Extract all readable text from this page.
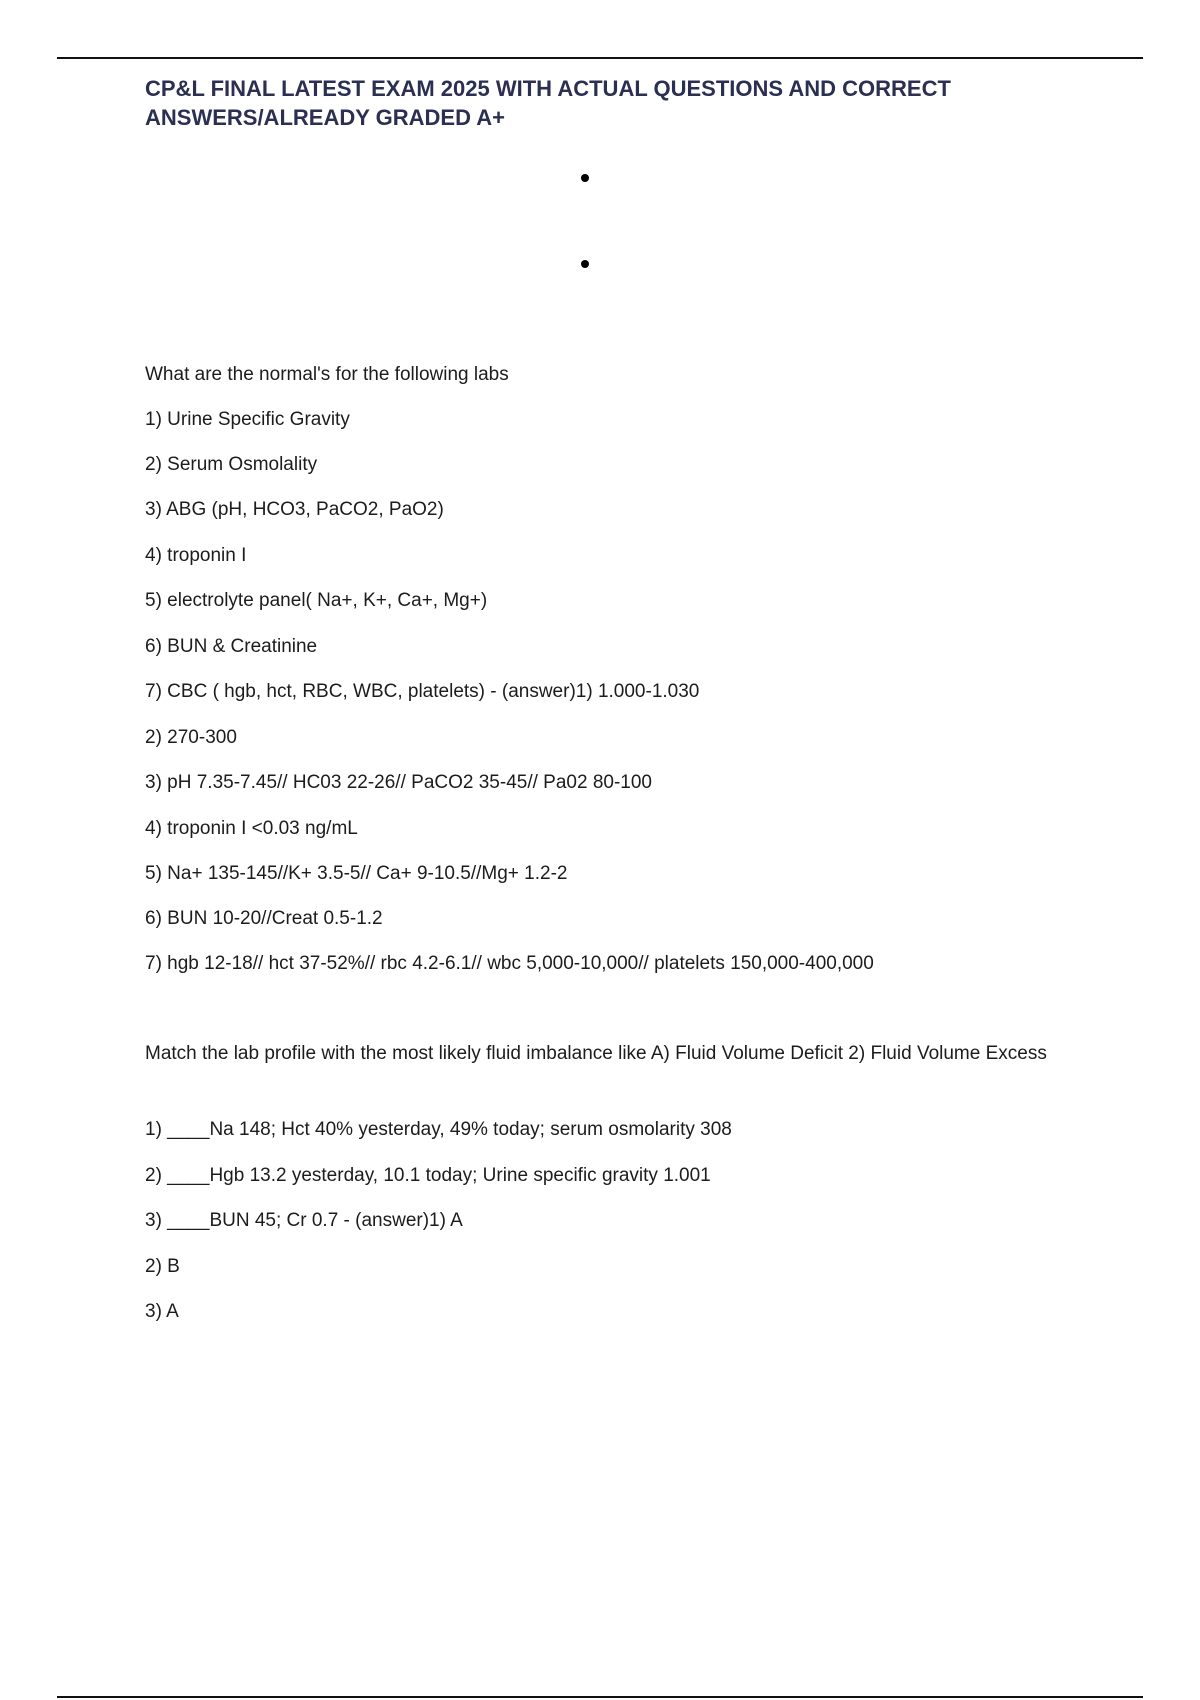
CP&L FINAL LATEST EXAM 2025 WITH ACTUAL QUESTIONS AND CORRECT
ANSWERS/ALREADY GRADED A+

What are the normal's for the following labs

1) Urine Specific Gravity

2) Serum Osmolality

3) ABG (pH, HCO3, PaCO2, PaO2)

4) troponin I

5) electrolyte panel( Na+, K+, Ca+, Mg+)

6) BUN & Creatinine

7) CBC ( hgb, hct, RBC, WBC, platelets) - (answer)1) 1.000-1.030

2) 270-300

3) pH 7.35-7.45// HC03 22-26// PaCO2 35-45// Pa02 80-100

4) troponin I <0.03 ng/mL

5) Na+ 135-145//K+ 3.5-5// Ca+ 9-10.5//Mg+ 1.2-2

6) BUN 10-20//Creat 0.5-1.2

7) hgb 12-18// hct 37-52%// rbc 4.2-6.1// wbc 5,000-10,000// platelets 150,000-400,000

Match the lab profile with the most likely fluid imbalance like A) Fluid Volume Deficit 2) Fluid Volume Excess

1) ____Na 148; Hct 40% yesterday, 49% today; serum osmolarity 308

2) ____Hgb 13.2 yesterday, 10.1 today; Urine specific gravity 1.001

3) ____BUN 45; Cr 0.7 - (answer)1) A

2) B

3) A
